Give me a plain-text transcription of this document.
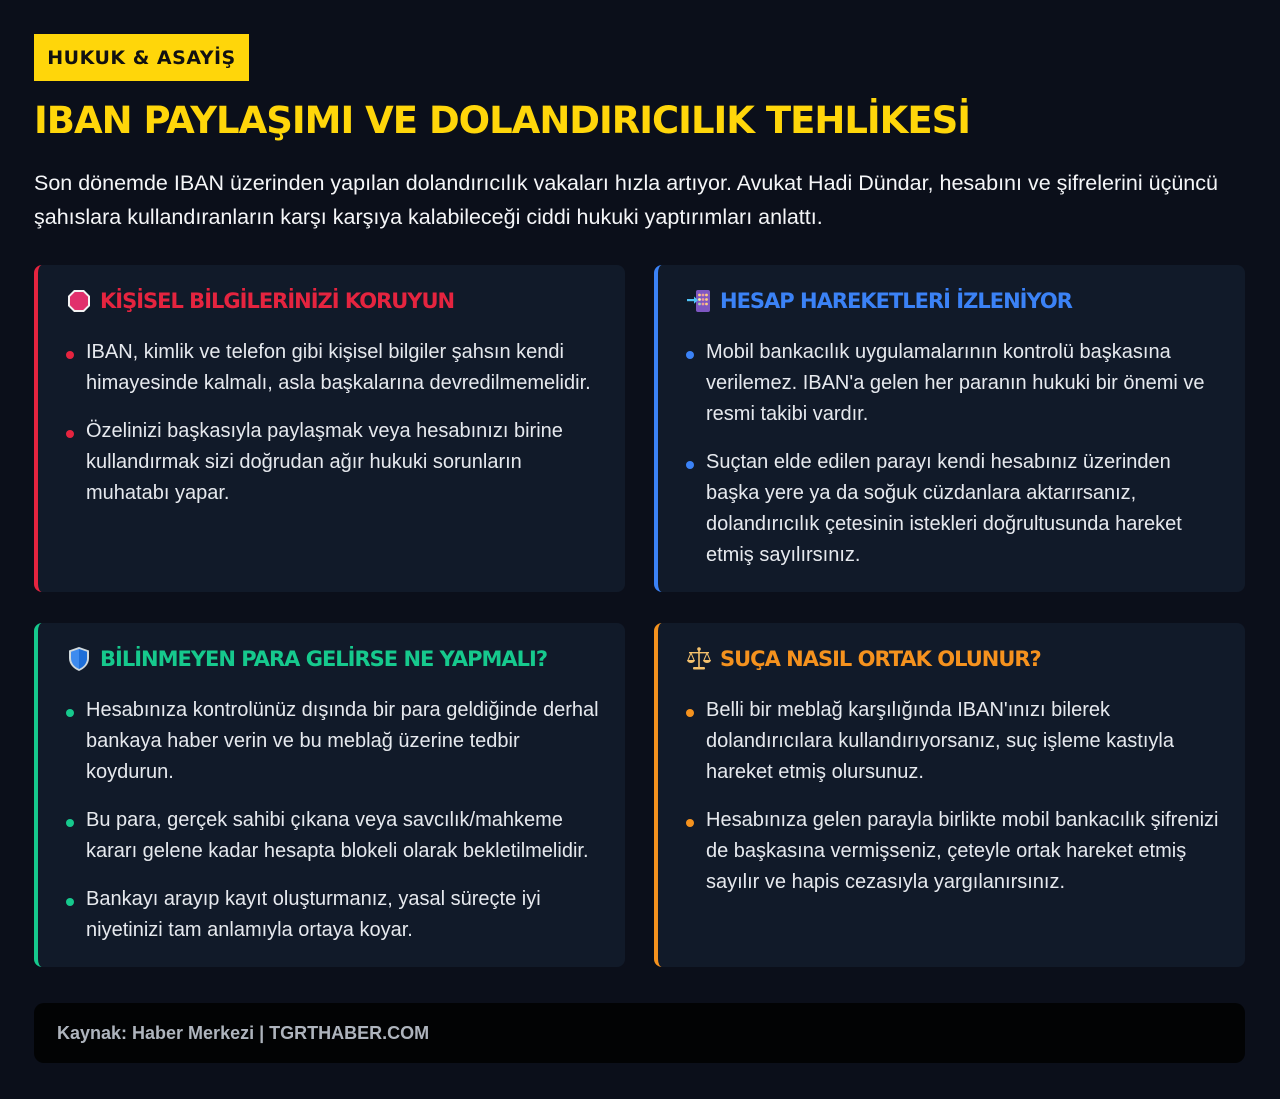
HUKUK & ASAYİŞ
IBAN PAYLAŞIMI VE DOLANDIRICILIK TEHLİKESİ

Son dönemde IBAN üzerinden yapılan dolandırıcılık vakaları hızla artıyor. Avukat Hadi Dündar, hesabını ve şifrelerini üçüncü şahıslara kullandıranların karşı karşıya kalabileceği ciddi hukuki yaptırımları anlattı.

KİŞİSEL BİLGİLERİNİZİ KORUYUN
IBAN, kimlik ve telefon gibi kişisel bilgiler şahsın kendi himayesinde kalmalı, asla başkalarına devredilmemelidir.
Özelinizi başkasıyla paylaşmak veya hesabınızı birine kullandırmak sizi doğrudan ağır hukuki sorunların muhatabı yapar.
HESAP HAREKETLERİ İZLENİYOR
Mobil bankacılık uygulamalarının kontrolü başkasına verilemez. IBAN'a gelen her paranın hukuki bir önemi ve resmi takibi vardır.
Suçtan elde edilen parayı kendi hesabınız üzerinden başka yere ya da soğuk cüzdanlara aktarırsanız, dolandırıcılık çetesinin istekleri doğrultusunda hareket etmiş sayılırsınız.
BİLİNMEYEN PARA GELİRSE NE YAPMALI?
Hesabınıza kontrolünüz dışında bir para geldiğinde derhal bankaya haber verin ve bu meblağ üzerine tedbir koydurun.
Bu para, gerçek sahibi çıkana veya savcılık/mahkeme kararı gelene kadar hesapta blokeli olarak bekletilmelidir.
Bankayı arayıp kayıt oluşturmanız, yasal süreçte iyi niyetinizi tam anlamıyla ortaya koyar.
SUÇA NASIL ORTAK OLUNUR?
Belli bir meblağ karşılığında IBAN'ınızı bilerek dolandırıcılara kullandırıyorsanız, suç işleme kastıyla hareket etmiş olursunuz.
Hesabınıza gelen parayla birlikte mobil bankacılık şifrenizi de başkasına vermişseniz, çeteyle ortak hareket etmiş sayılır ve hapis cezasıyla yargılanırsınız.
Kaynak: Haber Merkezi | TGRTHABER.COM
